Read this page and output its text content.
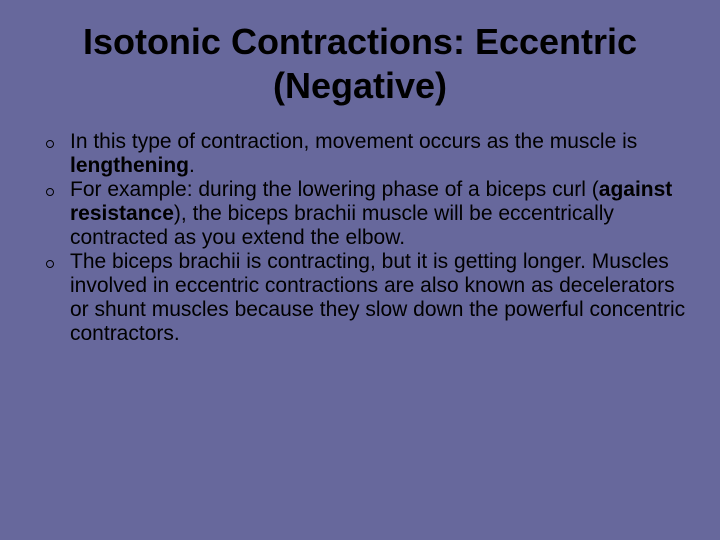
Isotonic Contractions: Eccentric
(Negative)
In this type of contraction, movement occurs as the muscle is lengthening.
For example: during the lowering phase of a biceps curl (against resistance), the biceps brachii muscle will be eccentrically contracted as you extend the elbow.
The biceps brachii is contracting, but it is getting longer. Muscles involved in eccentric contractions are also known as decelerators or shunt muscles because they slow down the powerful concentric contractors.
